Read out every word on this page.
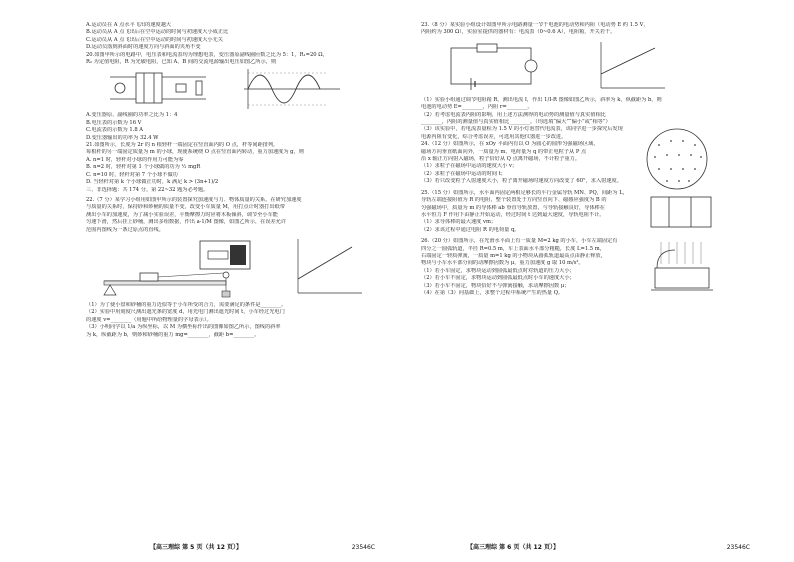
A.运动员在 A 点水平飞出的速度越大
B.运动员从 A 点飞出后在空中运动的时间与初速度大小成正比
C.运动员从 A 点飞出后在空中运动的时间与初速度大小无关
D.运动员落到斜面时的速度方向与斜面的夹角不变
20.如图甲所示的电路中，电压表和电流表均为理想电表，变压器原副线圈匝数之比为 5：1，R₁=20 Ω，
R₂ 为定值电阻，R 为光敏电阻，已知 A、B 间的交流电源输出电压如图乙所示，则
A.变压器原、副线圈的功率之比为 1：4
B.电压表的示数为 16 V
C.电流表的示数为 1.8 A
D.变压器输出的功率为 32.4 W
21.如图所示，长度为 2r 的 n 根轻杆一端固定在竖直面内的 O 点，杆等间距排列，
每根杆的另一端固定质量为 m 的小球，现使系统绕 O 点在竖直面内转动，重力加速度为 g，则
A. n=1 时，轻杆对小球的作用力可能为零
B. n=2 时，轻杆对第 1 个小球做的功为 ½ mgR
C. n=10 时，轻杆对第 7 个小球不做功
D. 当轻杆对第 k 个小球做正功时，k 满足 k > (3n+1)/2
三、非选择题：共 174 分。第 22~32 题为必考题。
22.（7 分）某学习小组用如图甲所示的装置探究加速度与力、物体质量的关系。在研究加速度
与质量的关系时，保持砂和砂桶的质量不变，改变小车质量 M，用打点计时器打出纸带
测出小车的加速度，为了减小实验误差，平衡摩擦力时应将木板倾斜，调节至小车能
匀速下滑，然后挂上砂桶，测出多组数据，作出 a-1/M 图像，如图乙所示，在误差允许
范围内图线为一条过原点的直线。
（1）为了使小盘和砂桶的重力近似等于小车所受的合力，需要满足的条件是________。
（2）实验中用刻度尺测出遮光条的宽度 d，用光电门测出遮光时间 t，小车经过光电门
的速度 v=________（用题中所给物理量的字母表示）。
（3）小明同学以 1/a 为纵坐标，以 M 为横坐标作出的图像如图乙所示，图线的斜率
为 k，纵截距为 b，则砂和砂桶的重力 mg=________，截距 b=________。
【高三理综 第 5 页（共 12 页）】	23546C
23.（8 分）某实验小组设计如图甲所示电路测量一节干电池的电动势和内阻（电动势 E 约 1.5 V，
内阻约为 300 Ω），实验室提供的器材有：电流表（0~0.6 A），电阻箱，开关若干。
（1）实验小组通过调节电阻箱 R，测出电流 I，作出 1/I-R 图像如图乙所示，斜率为 k，纵截距为 b，则
电池的电动势 E=________，内阻 r=________。
（2）若考虑电流表内阻的影响，用上述方法测得的电动势的测量值与真实值相比
________，内阻的测量值与真实值相比________。（均选填“偏大”“偏小”或“相等”）
（3）该实验中，若电流表量程为 1.5 V 的小灯泡替代电流表，该同学进一步探究后发现
电源内阻有变化，综合考虑误差，可选用其他仪器进一步改进。
24.（12 分）如图所示，在 xOy 平面内有以 O 为圆心的圆形匀强磁场区域，
磁场方向垂直纸面向外，一质量为 m、电荷量为 q 的带正电粒子从 P 点
沿 x 轴正方向射入磁场，粒子恰好从 Q 点离开磁场，不计粒子重力。
（1）求粒子在磁场中运动的速度大小 v；
（2）求粒子在磁场中运动的时间 t；
（3）若只改变粒子入射速度大小，粒子离开磁场时速度方向改变了 60°，求入射速度。
25.（15 分）如图所示，水平面内固定两根足够长的平行金属导轨 MN、PQ，间距为 L，
导轨左端连接阻值为 R 的电阻，整个装置处于方向竖直向下、磁感应强度为 B 的
匀强磁场中，质量为 m 的导体棒 ab 垂直导轨放置，与导轨接触良好，导体棒在
水平恒力 F 作用下由静止开始运动，经过时间 t 达到最大速度，导轨电阻不计。
（1）求导体棒的最大速度 vm；
（2）求该过程中通过电阻 R 的电荷量 q。
26.（20 分）如图所示，在光滑水平面上有一质量 M=2 kg 的小车，小车左端固定有
四分之一圆弧轨道，半径 R=0.5 m，车上表面水平部分粗糙，长度 L=1.5 m，
右端固定一轻质弹簧，一质量 m=1 kg 的小物块从圆弧轨道最高点由静止释放，
物块与小车水平部分间的动摩擦因数为 μ，重力加速度 g 取 10 m/s²。
（1）若小车固定，求物块运动到圆弧最低点时对轨道的压力大小；
（2）若小车不固定，求物块运动到圆弧最低点时小车的速度大小；
（3）若小车不固定，物块恰好不与弹簧接触，求动摩擦因数 μ；
（4）在第（3）问基础上，求整个过程中系统产生的热量 Q。
【高三理综 第 6 页（共 12 页）】	23546C
